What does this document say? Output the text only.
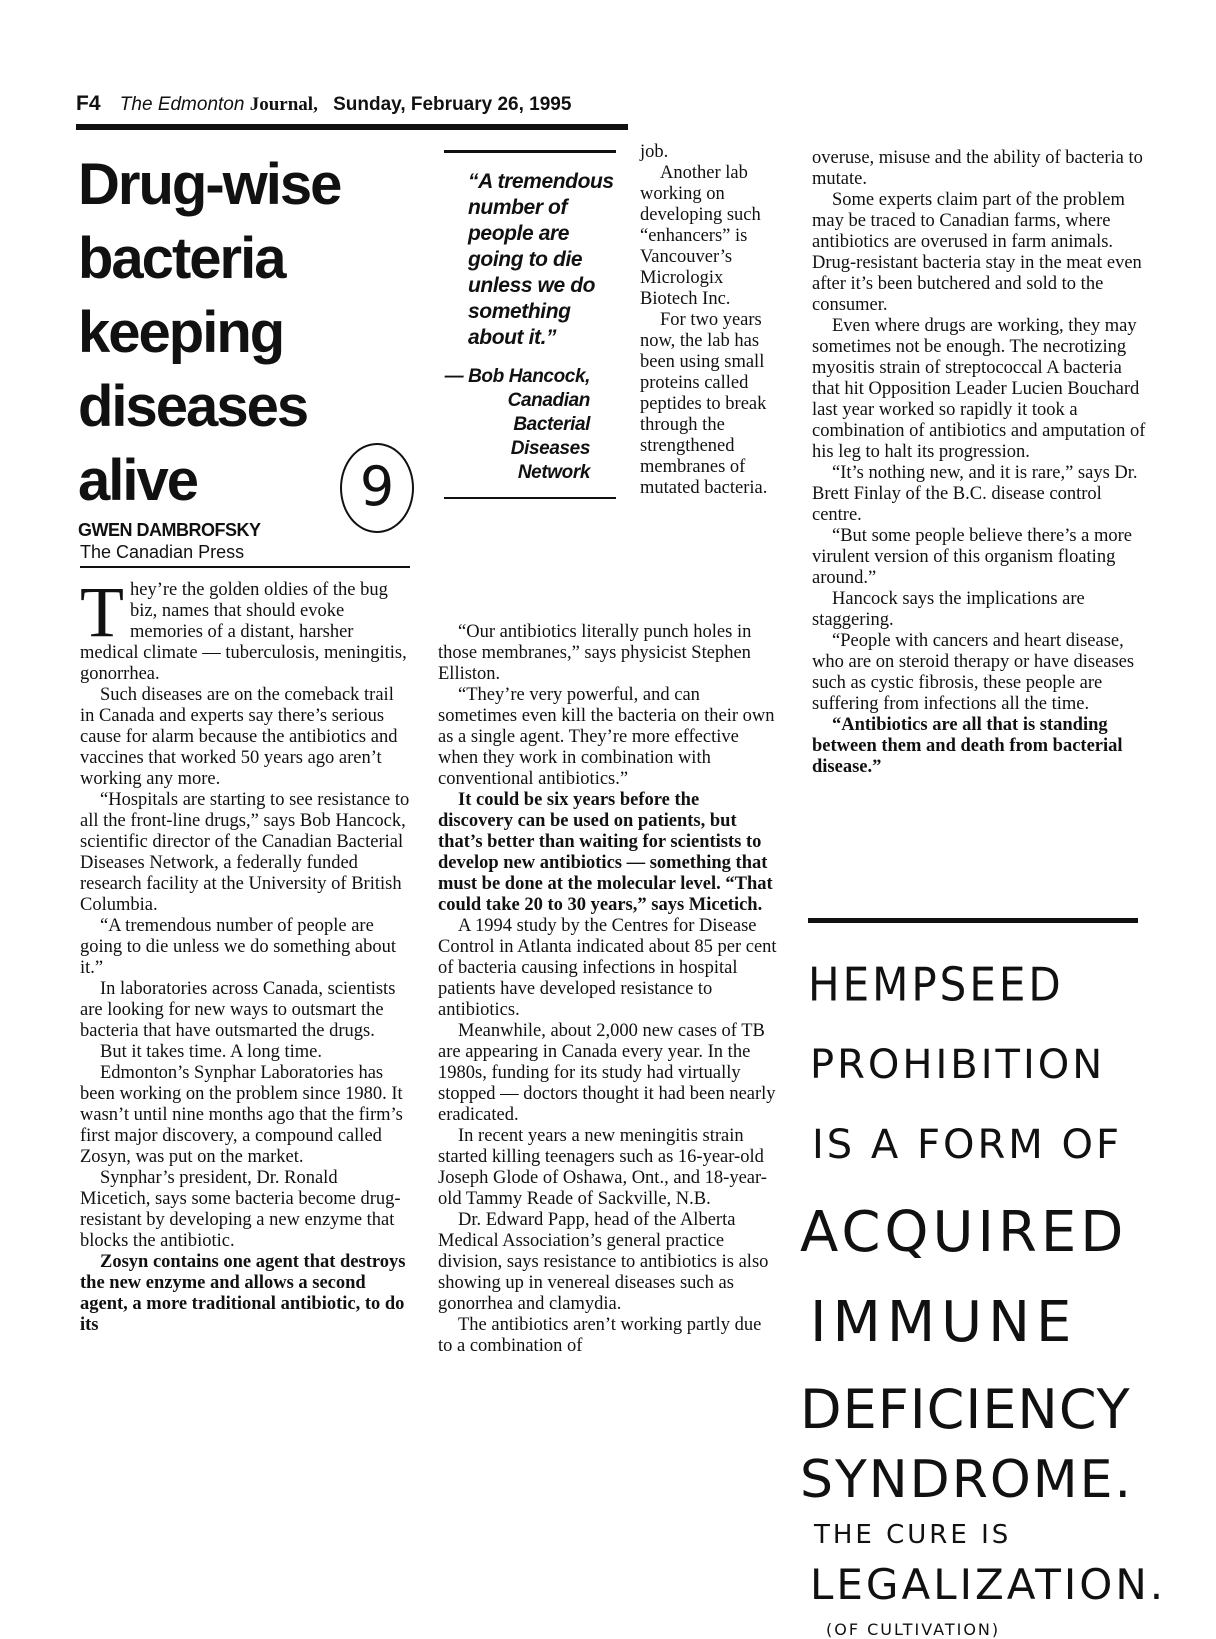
F4 The Edmonton Journal, Sunday, February 26, 1995
Drug-wise
bacteria
keeping
diseases
alive	9
GWEN DAMBROFSKY
The Canadian Press

They’re the golden oldies of the bug biz, names that should evoke memories of a distant, harsher medical climate — tuberculosis, meningitis, gonorrhea.

Such diseases are on the comeback trail in Canada and experts say there’s serious cause for alarm because the antibiotics and vaccines that worked 50 years ago aren’t working any more.

“Hospitals are starting to see resistance to all the front-line drugs,” says Bob Hancock, scientific director of the Canadian Bacterial Diseases Network, a federally funded research facility at the University of British Columbia.

“A tremendous number of people are going to die unless we do something about it.”

In laboratories across Canada, scientists are looking for new ways to outsmart the bacteria that have outsmarted the drugs.

But it takes time. A long time.

Edmonton’s Synphar Laboratories has been working on the problem since 1980. It wasn’t until nine months ago that the firm’s first major discovery, a compound called Zosyn, was put on the market.

Synphar’s president, Dr. Ronald Micetich, says some bacteria become drug-resistant by developing a new enzyme that blocks the antibiotic.

Zosyn contains one agent that destroys the new enzyme and allows a second agent, a more traditional antibiotic, to do its

“A tremendous number of people are going to die unless we do something about it.”
— Bob Hancock, Canadian Bacterial Diseases Network

job.

Another lab working on developing such “enhancers” is Vancouver’s Micrologix Biotech Inc.

For two years now, the lab has been using small proteins called peptides to break through the strengthened membranes of mutated bacteria.

“Our antibiotics literally punch holes in those membranes,” says physicist Stephen Elliston.

“They’re very powerful, and can sometimes even kill the bacteria on their own as a single agent. They’re more effective when they work in combination with conventional antibiotics.”

It could be six years before the discovery can be used on patients, but that’s better than waiting for scientists to develop new antibiotics — something that must be done at the molecular level. “That could take 20 to 30 years,” says Micetich.

A 1994 study by the Centres for Disease Control in Atlanta indicated about 85 per cent of bacteria causing infections in hospital patients have developed resistance to antibiotics.

Meanwhile, about 2,000 new cases of TB are appearing in Canada every year. In the 1980s, funding for its study had virtually stopped — doctors thought it had been nearly eradicated.

In recent years a new meningitis strain started killing teenagers such as 16-year-old Joseph Glode of Oshawa, Ont., and 18-year-old Tammy Reade of Sackville, N.B.

Dr. Edward Papp, head of the Alberta Medical Association’s general practice division, says resistance to antibiotics is also showing up in venereal diseases such as gonorrhea and clamydia.

The antibiotics aren’t working partly due to a combination of

overuse, misuse and the ability of bacteria to mutate.

Some experts claim part of the problem may be traced to Canadian farms, where antibiotics are overused in farm animals. Drug-resistant bacteria stay in the meat even after it’s been butchered and sold to the consumer.

Even where drugs are working, they may sometimes not be enough. The necrotizing myositis strain of streptococcal A bacteria that hit Opposition Leader Lucien Bouchard last year worked so rapidly it took a combination of antibiotics and amputation of his leg to halt its progression.

“It’s nothing new, and it is rare,” says Dr. Brett Finlay of the B.C. disease control centre.

“But some people believe there’s a more virulent version of this organism floating around.”

Hancock says the implications are staggering.

“People with cancers and heart disease, who are on steroid therapy or have diseases such as cystic fibrosis, these people are suffering from infections all the time.

“Antibiotics are all that is standing between them and death from bacterial disease.”

HEMPSEED
PROHIBITION
IS A FORM OF
ACQUIRED
IMMUNE
DEFICIENCY
SYNDROME.
THE CURE IS
LEGALIZATION.
(OF CULTIVATION)
